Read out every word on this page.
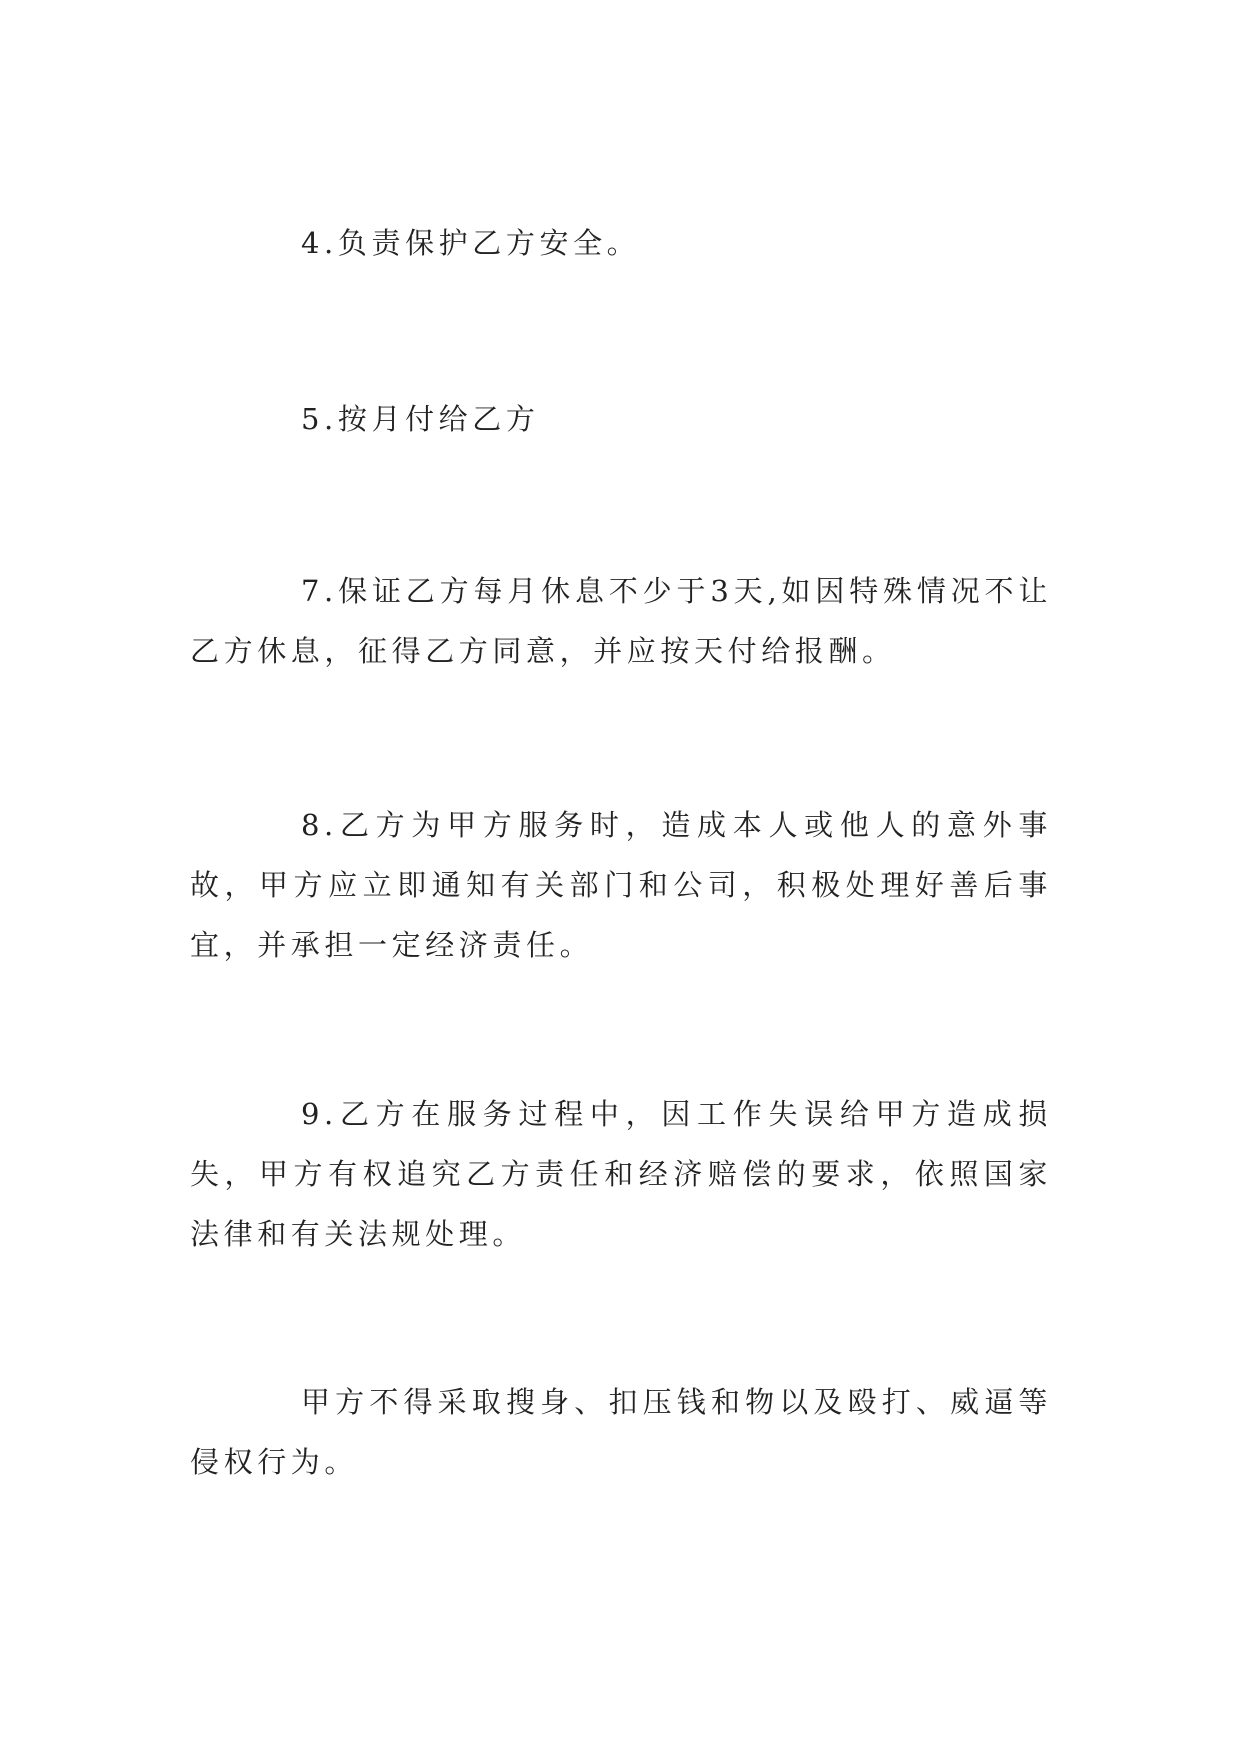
4.负责保护乙方安全。

5.按月付给乙方

7.保证乙方每月休息不少于3天,如因特殊情况不让乙方休息，征得乙方同意，并应按天付给报酬。

8.乙方为甲方服务时，造成本人或他人的意外事故，甲方应立即通知有关部门和公司，积极处理好善后事宜，并承担一定经济责任。

9.乙方在服务过程中，因工作失误给甲方造成损失，甲方有权追究乙方责任和经济赔偿的要求，依照国家法律和有关法规处理。

甲方不得采取搜身、扣压钱和物以及殴打、威逼等侵权行为。
